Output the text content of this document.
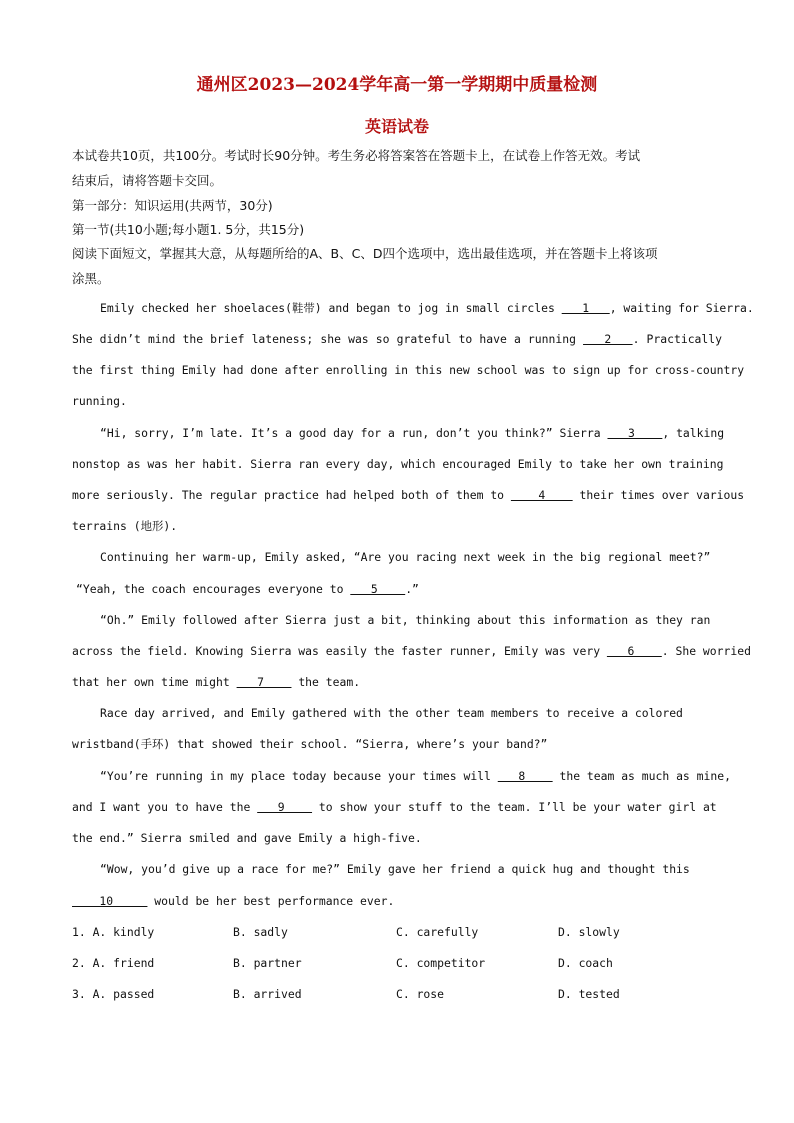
通州区2023—2024学年高一第一学期期中质量检测
英语试卷
本试卷共10页，共100分。考试时长90分钟。考生务必将答案答在答题卡上，在试卷上作答无效。考试
结束后，请将答题卡交回。
第一部分：知识运用(共两节，30分)
第一节(共10小题;每小题1. 5分，共15分)
阅读下面短文，掌握其大意，从每题所给的A、B、C、D四个选项中，选出最佳选项，并在答题卡上将该项
涂黑。
Emily checked her shoelaces(鞋带) and began to jog in small circles    1   , waiting for Sierra.
She didn’t mind the brief lateness; she was so grateful to have a running    2   . Practically
the first thing Emily had done after enrolling in this new school was to sign up for cross-country
running.
“Hi, sorry, I’m late. It’s a good day for a run, don’t you think?” Sierra    3    , talking
nonstop as was her habit. Sierra ran every day, which encouraged Emily to take her own training
more seriously. The regular practice had helped both of them to     4     their times over various
terrains (地形).
Continuing her warm-up, Emily asked, “Are you racing next week in the big regional meet?”
“Yeah, the coach encourages everyone to    5    .”
“Oh.” Emily followed after Sierra just a bit, thinking about this information as they ran
across the field. Knowing Sierra was easily the faster runner, Emily was very    6    . She worried
that her own time might    7     the team.
Race day arrived, and Emily gathered with the other team members to receive a colored
wristband(手环) that showed their school. “Sierra, where’s your band?”
“You’re running in my place today because your times will    8     the team as much as mine,
and I want you to have the    9     to show your stuff to the team. I’ll be your water girl at
the end.” Sierra smiled and gave Emily a high-five.
“Wow, you’d give up a race for me?” Emily gave her friend a quick hug and thought this
10      would be her best performance ever.
1. A. kindly	B. sadly	C. carefully	D. slowly
2. A. friend	B. partner	C. competitor	D. coach
3. A. passed	B. arrived	C. rose	D. tested
